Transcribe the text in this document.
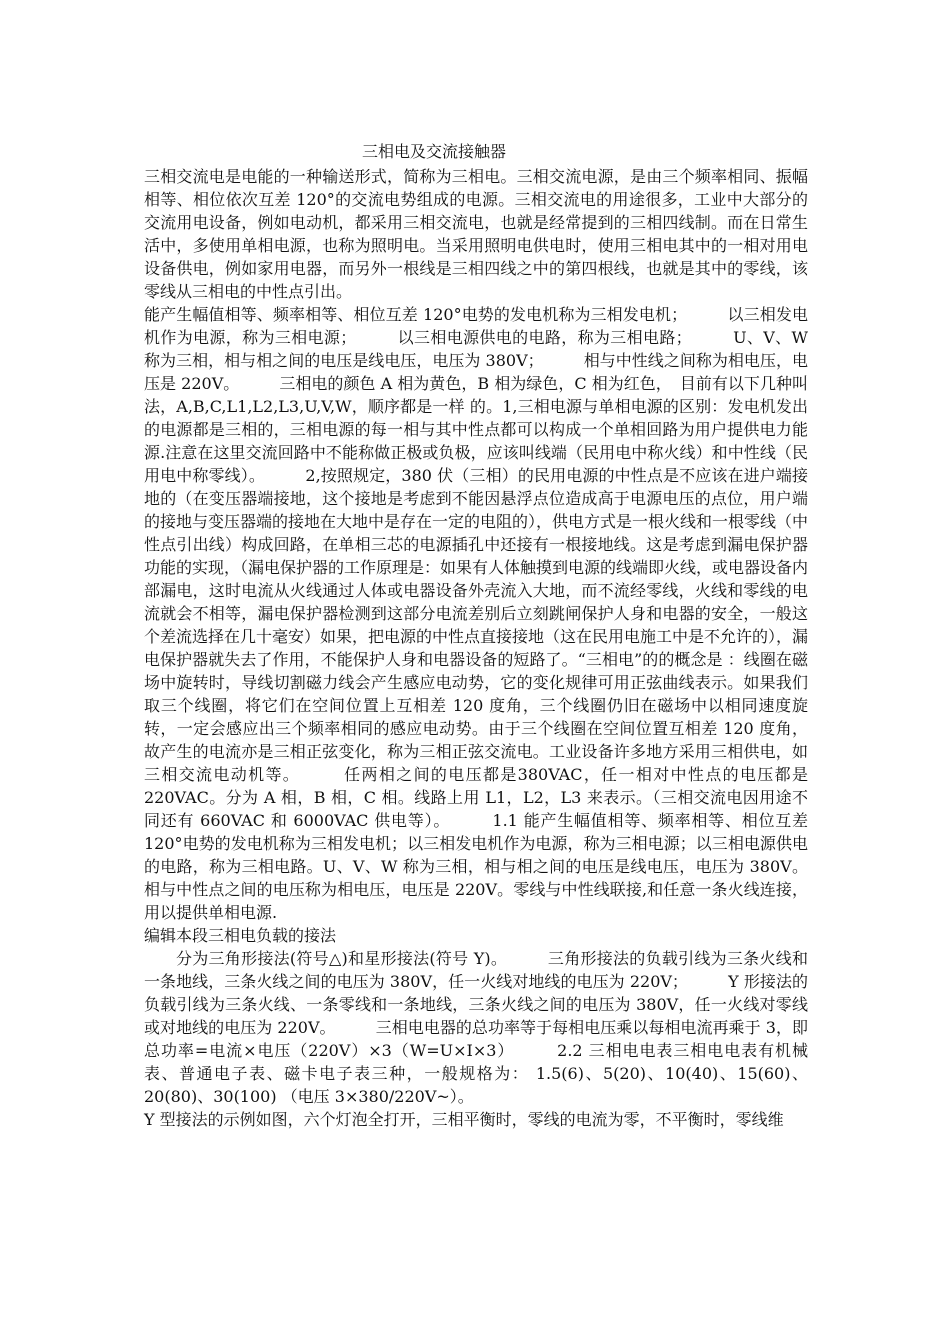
三相电及交流接触器

三相交流电是电能的一种输送形式，简称为三相电。三相交流电源，是由三个频率相同、振幅相等、相位依次互差 120°的交流电势组成的电源。三相交流电的用途很多，工业中大部分的交流用电设备，例如电动机，都采用三相交流电，也就是经常提到的三相四线制。而在日常生活中，多使用单相电源，也称为照明电。当采用照明电供电时，使用三相电其中的一相对用电设备供电，例如家用电器，而另外一根线是三相四线之中的第四根线，也就是其中的零线，该零线从三相电的中性点引出。

能产生幅值相等、频率相等、相位互差 120°电势的发电机称为三相发电机；　　　以三相发电机作为电源，称为三相电源；　　　以三相电源供电的电路，称为三相电路；　　　U、V、W 称为三相，相与相之间的电压是线电压，电压为 380V；　　　相与中性线之间称为相电压，电压是 220V。　　　三相电的颜色 A 相为黄色，B 相为绿色，C 相为红色，　目前有以下几种叫法，A,B,C,L1,L2,L3,U,V,W，顺序都是一样 的。1,三相电源与单相电源的区别：发电机发出的电源都是三相的，三相电源的每一相与其中性点都可以构成一个单相回路为用户提供电力能源.注意在这里交流回路中不能称做正极或负极，应该叫线端（民用电中称火线）和中性线（民用电中称零线）。　　　2,按照规定，380 伏（三相）的民用电源的中性点是不应该在进户端接地的（在变压器端接地，这个接地是考虑到不能因悬浮点位造成高于电源电压的点位，用户端的接地与变压器端的接地在大地中是存在一定的电阻的），供电方式是一根火线和一根零线（中性点引出线）构成回路，在单相三芯的电源插孔中还接有一根接地线。这是考虑到漏电保护器功能的实现，（漏电保护器的工作原理是：如果有人体触摸到电源的线端即火线，或电器设备内部漏电，这时电流从火线通过人体或电器设备外壳流入大地，而不流经零线，火线和零线的电流就会不相等，漏电保护器检测到这部分电流差别后立刻跳闸保护人身和电器的安全，一般这个差流选择在几十毫安）如果，把电源的中性点直接接地（这在民用电施工中是不允许的），漏电保护器就失去了作用，不能保护人身和电器设备的短路了。“三相电”的的概念是 ：线圈在磁场中旋转时，导线切割磁力线会产生感应电动势，它的变化规律可用正弦曲线表示。如果我们取三个线圈，将它们在空间位置上互相差 120 度角，三个线圈仍旧在磁场中以相同速度旋转，一定会感应出三个频率相同的感应电动势。由于三个线圈在空间位置互相差 120 度角，故产生的电流亦是三相正弦变化，称为三相正弦交流电。工业设备许多地方采用三相供电，如三相交流电动机等。　　　任两相之间的电压都是380VAC，任一相对中性点的电压都是 220VAC。分为 A 相，B 相，C 相。线路上用 L1，L2，L3 来表示。（三相交流电因用途不同还有 660VAC 和 6000VAC 供电等）。　　　1.1 能产生幅值相等、频率相等、相位互差 120°电势的发电机称为三相发电机；以三相发电机作为电源，称为三相电源；以三相电源供电的电路，称为三相电路。U、V、W 称为三相，相与相之间的电压是线电压，电压为 380V。相与中性点之间的电压称为相电压，电压是 220V。零线与中性线联接,和任意一条火线连接，用以提供单相电源.

编辑本段三相电负载的接法

分为三角形接法(符号△)和星形接法(符号 Y)。　　　三角形接法的负载引线为三条火线和一条地线，三条火线之间的电压为 380V，任一火线对地线的电压为 220V；　　　Y 形接法的负载引线为三条火线、一条零线和一条地线，三条火线之间的电压为 380V，任一火线对零线或对地线的电压为 220V。　　　三相电电器的总功率等于每相电压乘以每相电流再乘于 3，即总功率=电流×电压（220V）×3（W=U×I×3）　　　2.2 三相电电表三相电电表有机械表、普通电子表、磁卡电子表三种，一般规格为： 1.5(6)、5(20)、10(40)、15(60)、20(80)、30(100) （电压 3×380/220V~）。

Y 型接法的示例如图，六个灯泡全打开，三相平衡时，零线的电流为零，不平衡时，零线维
